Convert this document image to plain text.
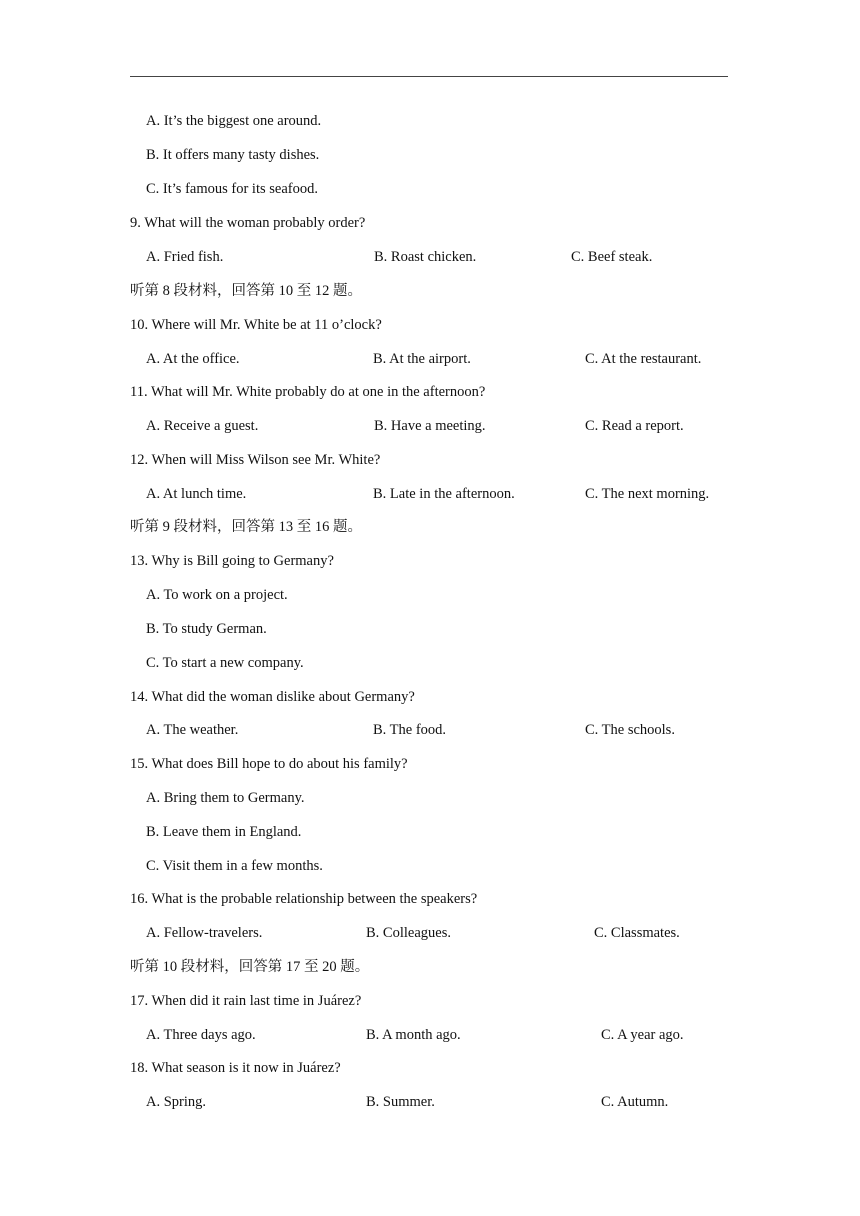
A. It’s the biggest one around.
B. It offers many tasty dishes.
C. It’s famous for its seafood.
9. What will the woman probably order?
A. Fried fish.	B. Roast chicken.	C. Beef steak.
听第 8 段材料，回答第 10 至 12 题。
10. Where will Mr. White be at 11 o’clock?
A. At the office.	B. At the airport.	C. At the restaurant.
11. What will Mr. White probably do at one in the afternoon?
A. Receive a guest.	B. Have a meeting.	C. Read a report.
12. When will Miss Wilson see Mr. White?
A. At lunch time.	B. Late in the afternoon.	C. The next morning.
听第 9 段材料，回答第 13 至 16 题。
13. Why is Bill going to Germany?
A. To work on a project.
B. To study German.
C. To start a new company.
14. What did the woman dislike about Germany?
A. The weather.	B. The food.	C. The schools.
15. What does Bill hope to do about his family?
A. Bring them to Germany.
B. Leave them in England.
C. Visit them in a few months.
16. What is the probable relationship between the speakers?
A. Fellow-travelers.	B. Colleagues.	C. Classmates.
听第 10 段材料，回答第 17 至 20 题。
17. When did it rain last time in Juárez?
A. Three days ago.	B. A month ago.	C. A year ago.
18. What season is it now in Juárez?
A. Spring.	B. Summer.	C. Autumn.
